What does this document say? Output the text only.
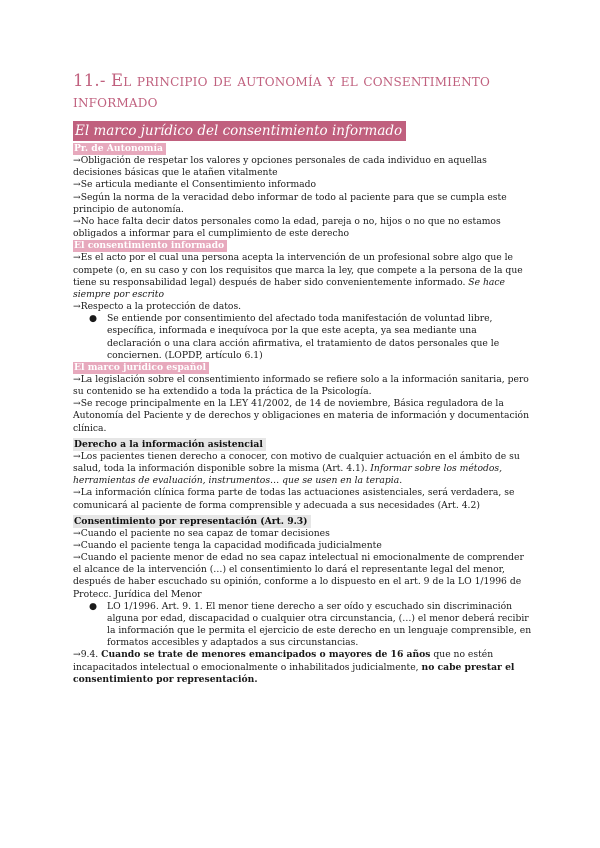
11.- El principio de autonomía y el consentimiento informado
El marco jurídico del consentimiento informado

Pr. de Autonomía

→Obligación de respetar los valores y opciones personales de cada individuo en aquellas decisiones básicas que le atañen vitalmente

→Se articula mediante el Consentimiento informado

→Según la norma de la veracidad debo informar de todo al paciente para que se cumpla este principio de autonomía.

→No hace falta decir datos personales como la edad, pareja o no, hijos o no que no estamos obligados a informar para el cumplimiento de este derecho

El consentimiento informado

→Es el acto por el cual una persona acepta la intervención de un profesional sobre algo que le compete (o, en su caso y con los requisitos que marca la ley, que compete a la persona de la que tiene su responsabilidad legal) después de haber sido convenientemente informado. Se hace siempre por escrito

→Respecto a la protección de datos.

● Se entiende por consentimiento del afectado toda manifestación de voluntad libre, específica, informada e inequívoca por la que este acepta, ya sea mediante una declaración o una clara acción afirmativa, el tratamiento de datos personales que le conciernen. (LOPDP, artículo 6.1)

El marco jurídico español

→La legislación sobre el consentimiento informado se refiere solo a la información sanitaria, pero su contenido se ha extendido a toda la práctica de la Psicología.

→Se recoge principalmente en la LEY 41/2002, de 14 de noviembre, Básica reguladora de la Autonomía del Paciente y de derechos y obligaciones en materia de información y documentación clínica.

Derecho a la información asistencial

→Los pacientes tienen derecho a conocer, con motivo de cualquier actuación en el ámbito de su salud, toda la información disponible sobre la misma (Art. 4.1). Informar sobre los métodos, herramientas de evaluación, instrumentos… que se usen en la terapia.

→La información clínica forma parte de todas las actuaciones asistenciales, será verdadera, se comunicará al paciente de forma comprensible y adecuada a sus necesidades (Art. 4.2)

Consentimiento por representación (Art. 9.3)

→Cuando el paciente no sea capaz de tomar decisiones

→Cuando el paciente tenga la capacidad modificada judicialmente

→Cuando el paciente menor de edad no sea capaz intelectual ni emocionalmente de comprender el alcance de la intervención (…) el consentimiento lo dará el representante legal del menor, después de haber escuchado su opinión, conforme a lo dispuesto en el art. 9 de la LO 1/1996 de Protecc. Jurídica del Menor

● LO 1/1996. Art. 9. 1. El menor tiene derecho a ser oído y escuchado sin discriminación alguna por edad, discapacidad o cualquier otra circunstancia, (…) el menor deberá recibir la información que le permita el ejercicio de este derecho en un lenguaje comprensible, en formatos accesibles y adaptados a sus circunstancias.

→9.4. Cuando se trate de menores emancipados o mayores de 16 años que no estén incapacitados intelectual o emocionalmente o inhabilitados judicialmente, no cabe prestar el consentimiento por representación.
